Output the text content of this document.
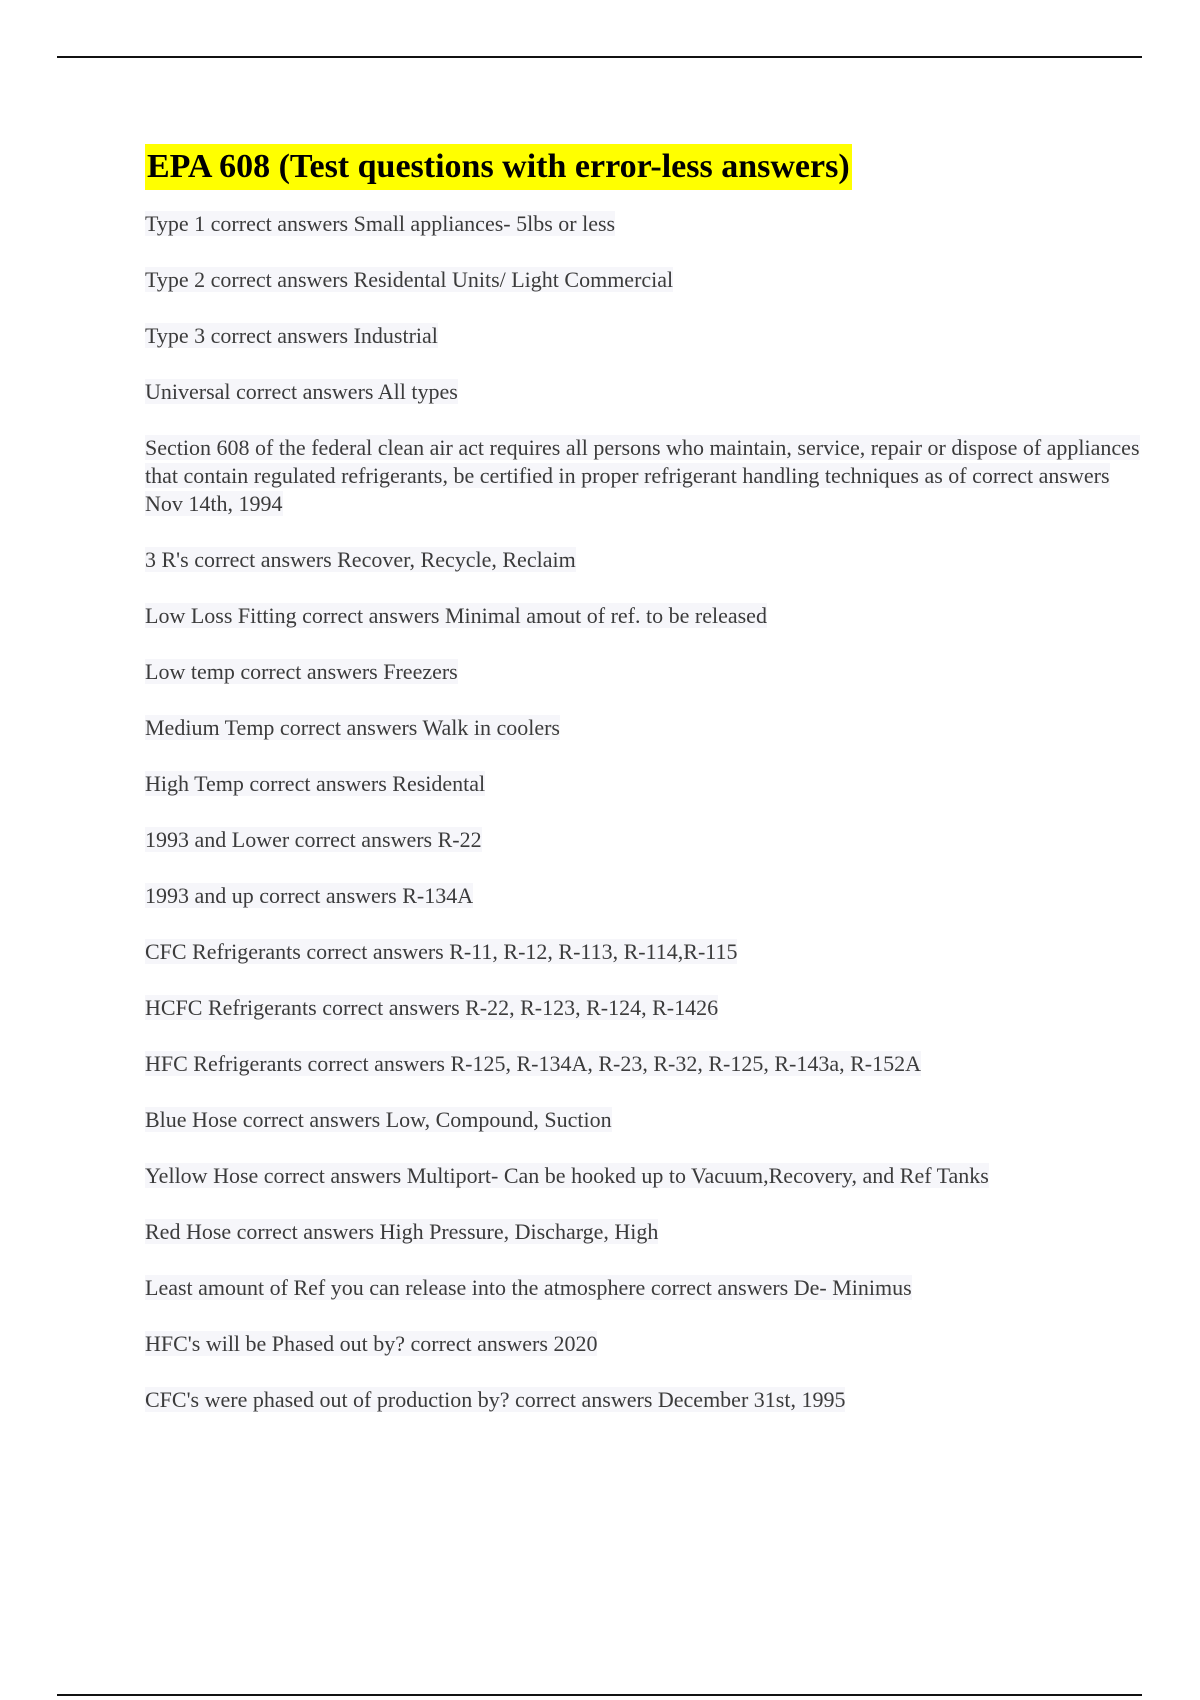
EPA 608 (Test questions with error-less answers)
Type 1 correct answers Small appliances- 5lbs or less
Type 2 correct answers Residental Units/ Light Commercial
Type 3 correct answers Industrial
Universal correct answers All types
Section 608 of the federal clean air act requires all persons who maintain, service, repair or dispose of appliances that contain regulated refrigerants, be certified in proper refrigerant handling techniques as of correct answers Nov 14th, 1994
3 R's correct answers Recover, Recycle, Reclaim
Low Loss Fitting correct answers Minimal amout of ref. to be released
Low temp correct answers Freezers
Medium Temp correct answers Walk in coolers
High Temp correct answers Residental
1993 and Lower correct answers R-22
1993 and up correct answers R-134A
CFC Refrigerants correct answers R-11, R-12, R-113, R-114,R-115
HCFC Refrigerants correct answers R-22, R-123, R-124, R-1426
HFC Refrigerants correct answers R-125, R-134A, R-23, R-32, R-125, R-143a, R-152A
Blue Hose correct answers Low, Compound, Suction
Yellow Hose correct answers Multiport- Can be hooked up to Vacuum,Recovery, and Ref Tanks
Red Hose correct answers High Pressure, Discharge, High
Least amount of Ref you can release into the atmosphere correct answers De- Minimus
HFC's will be Phased out by? correct answers 2020
CFC's were phased out of production by? correct answers December 31st, 1995
